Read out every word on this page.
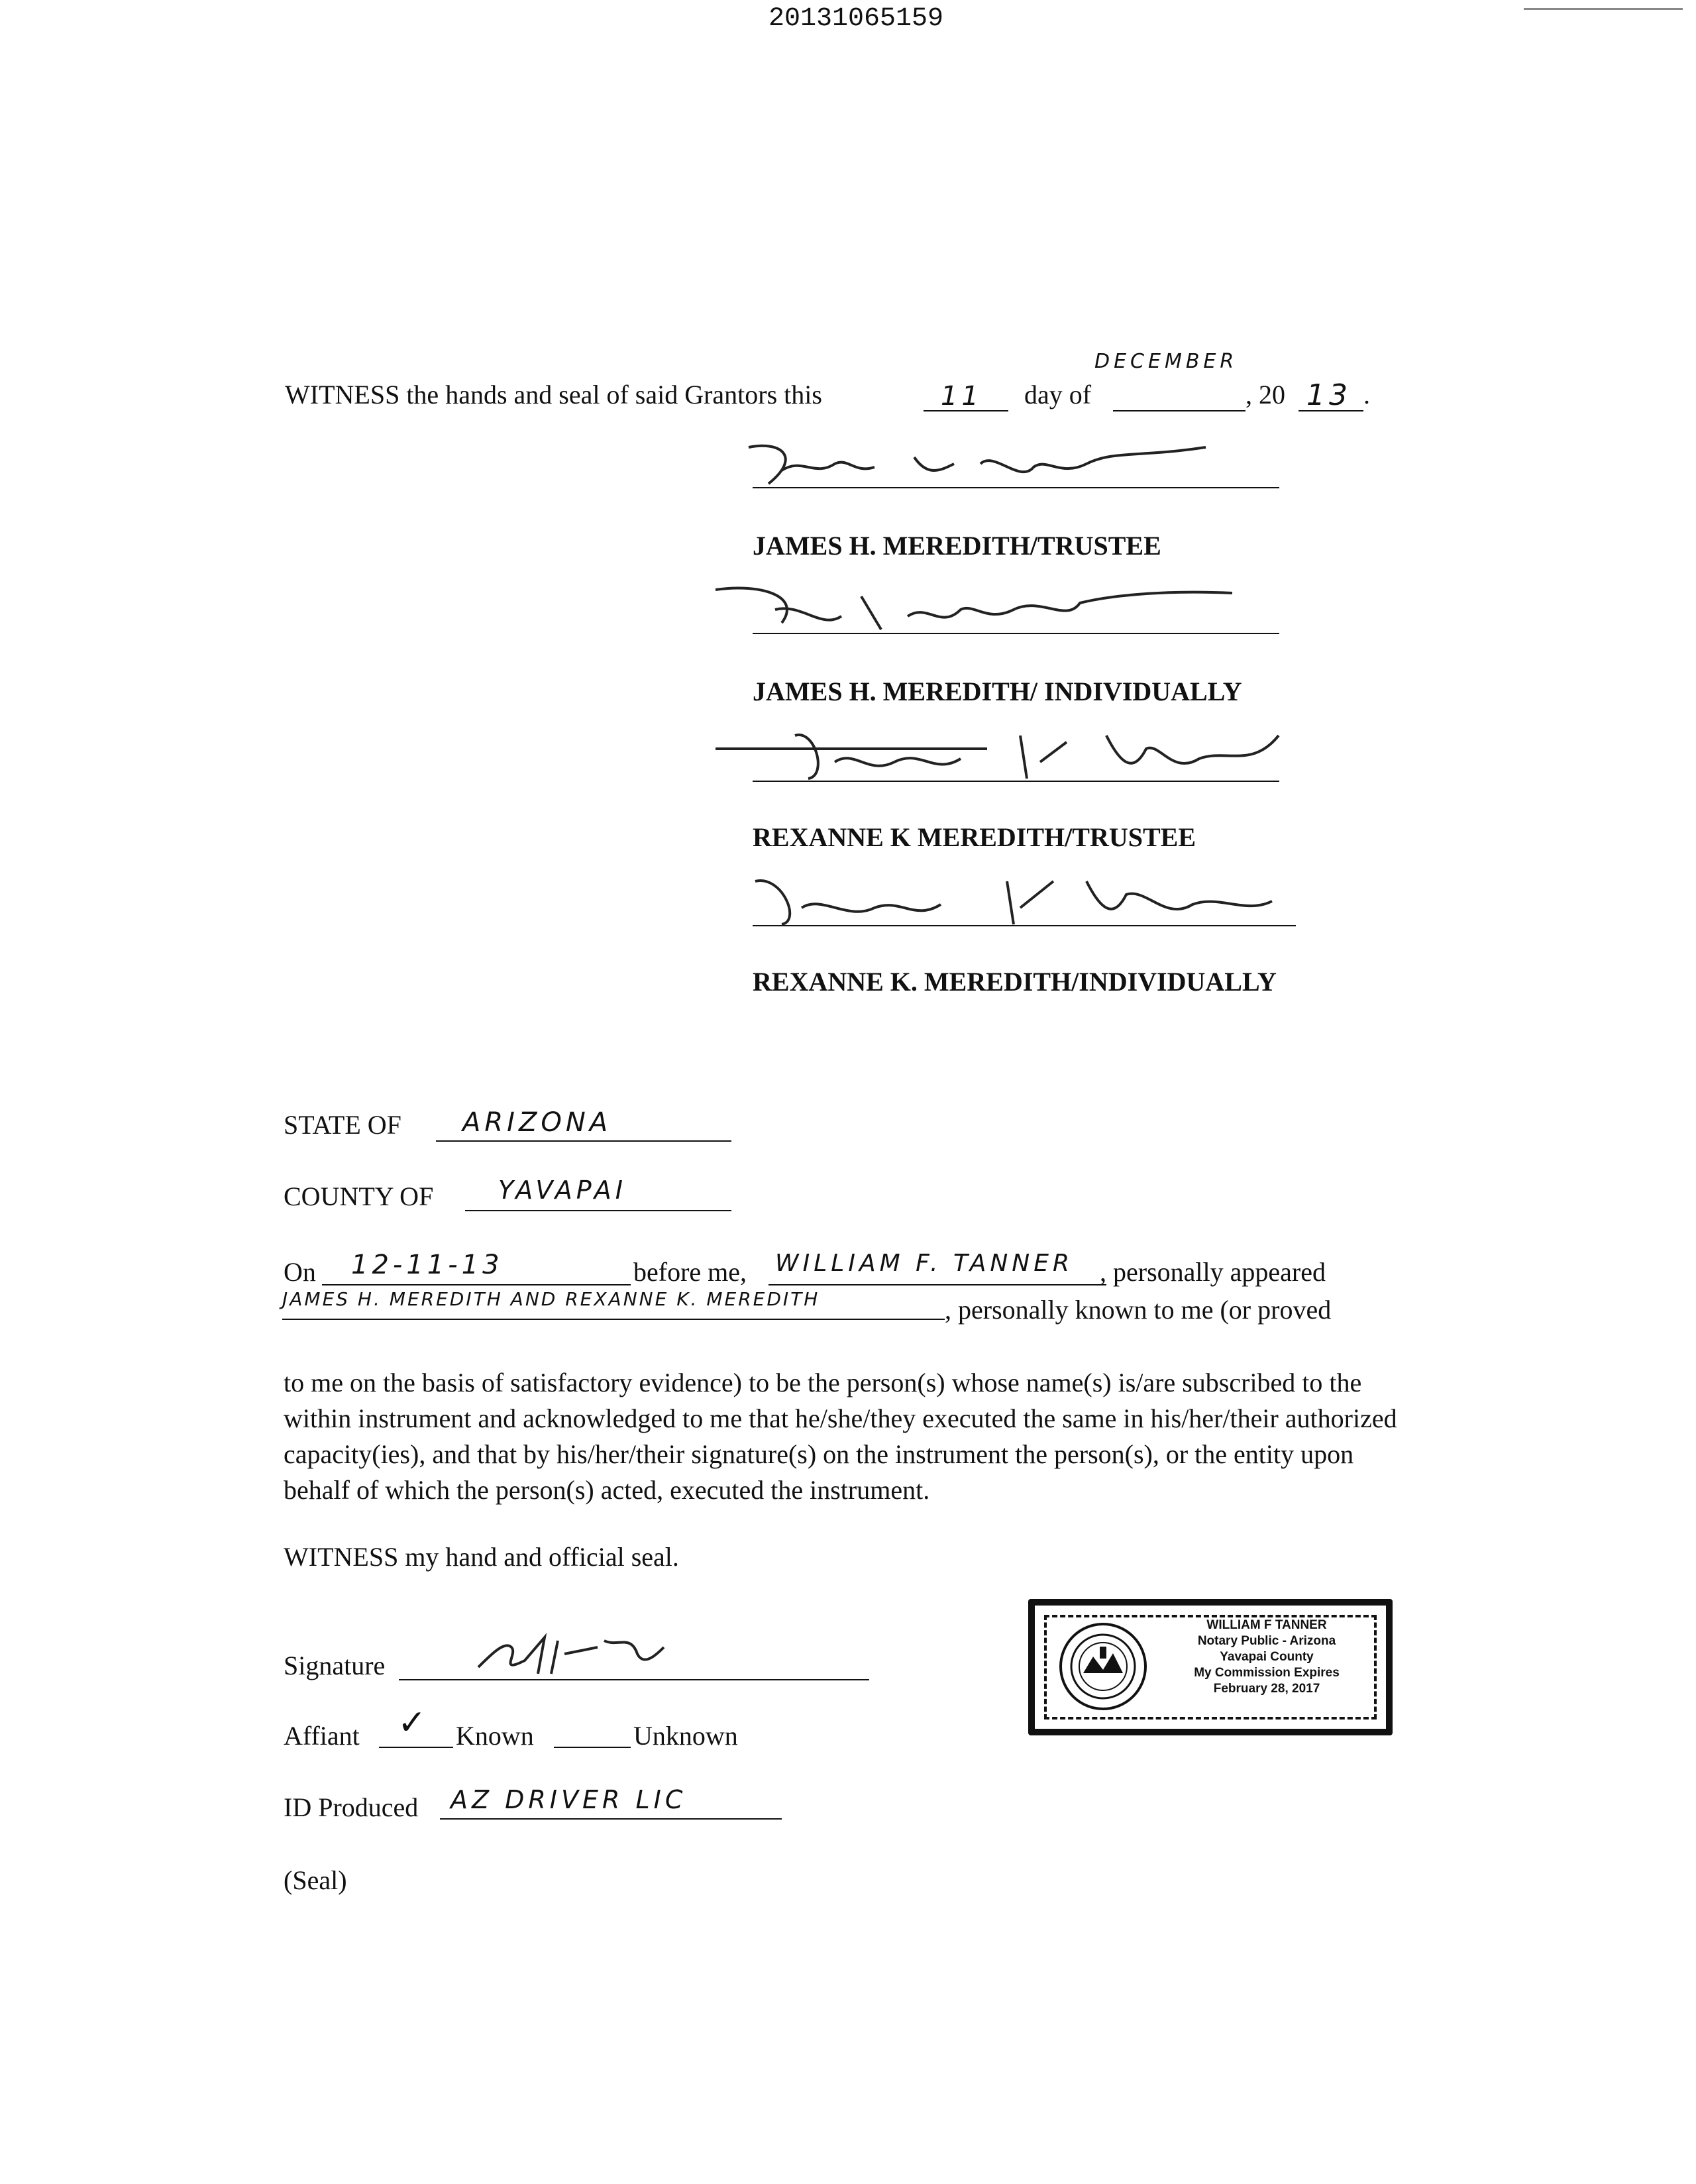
20131065159
WITNESS the hands and seal of said Grantors this	11 day of
DECEMBER
, 20 13 .
JAMES H. MEREDITH/TRUSTEE
JAMES H. MEREDITH/ INDIVIDUALLY
REXANNE K MEREDITH/TRUSTEE
REXANNE K. MEREDITH/INDIVIDUALLY
STATE OF ARIZONA
COUNTY OF	YAVAPAI
On 12-11-13	before me, WILLIAM F. TANNER , personally appeared
JAMES H. MEREDITH AND REXANNE K. MEREDITH	, personally known to me (or proved
to me on the basis of satisfactory evidence) to be the person(s) whose name(s) is/are subscribed to the within instrument and acknowledged to me that he/she/they executed the same in his/her/their authorized capacity(ies), and that by his/her/their signature(s) on the instrument the person(s), or the entity upon behalf of which the person(s) acted, executed the instrument.
WITNESS my hand and official seal.
Signature
Affiant ✓ Known	Unknown
ID Produced AZ DRIVER LIC
(Seal)
WILLIAM F TANNER
Notary Public - Arizona
Yavapai County
My Commission Expires
February 28, 2017
